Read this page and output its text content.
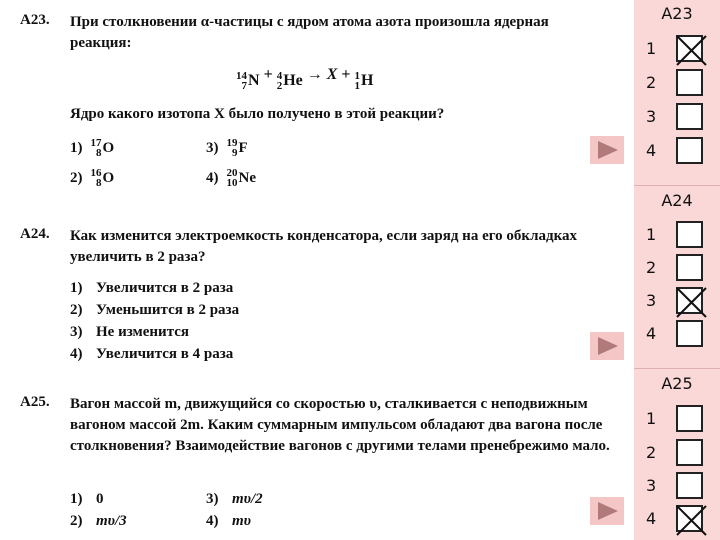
A23. При столкновении α-частицы с ядром атома азота произошла ядерная реакция:
14
7 N + 4
2 He → X + 1
1 H
Ядро какого изотопа X было получено в этой реакции?
1) 17
8 O
2) 16
8 O
3) 19
9 F
4) 20
10 Ne
A24. Как изменится электроемкость конденсатора, если заряд на его обкладках увеличить в 2 раза?
1) Увеличится в 2 раза
2) Уменьшится в 2 раза
3) Не изменится
4) Увеличится в 4 раза
A25. Вагон массой m, движущийся со скоростью υ, сталкивается с неподвижным вагоном массой 2m. Каким суммарным импульсом обладают два вагона после столкновения? Взаимодействие вагонов с другими телами пренебрежимо мало.
1) 0
2) mυ/3
3) mυ/2
4) mυ
A23
1
2
3
4
A24
1
2
3
4
A25
1
2
3
4
